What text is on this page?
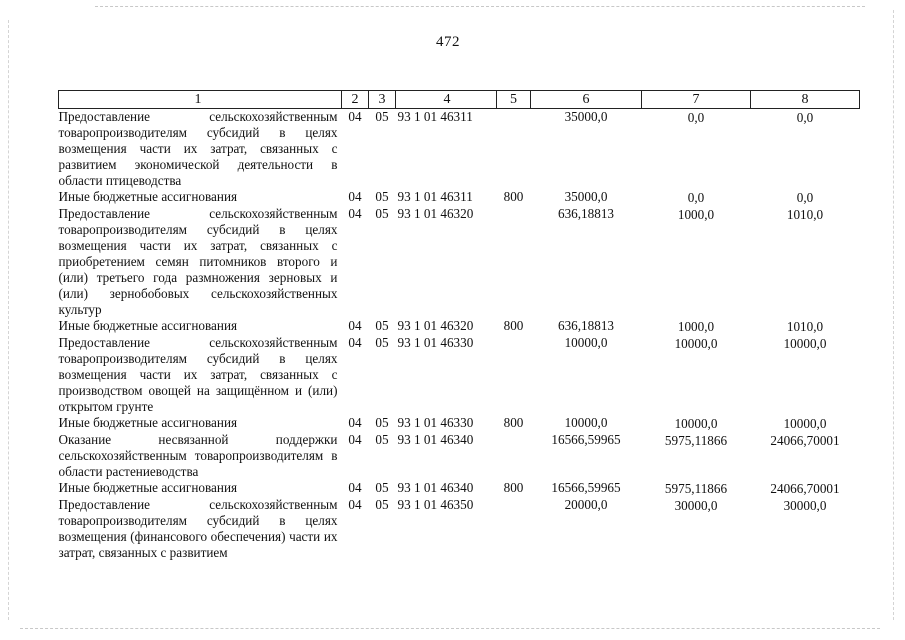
472
1	2	3	4	5	6	7	8
Предоставление сельскохозяйственным товаропроизводителям субсидий в целях возмещения части их затрат, связанных с развитием экономической деятельности в области птицеводства	04	05	93 1 01 46311		35000,0	0,0	0,0
Иные бюджетные ассигнования	04	05	93 1 01 46311	800	35000,0	0,0	0,0
Предоставление сельскохозяйственным товаропроизводителям субсидий в целях возмещения части их затрат, связанных с приобретением семян питомников второго и (или) третьего года размножения зерновых и (или) зернобобовых сельскохозяйственных культур	04	05	93 1 01 46320		636,18813	1000,0	1010,0
Иные бюджетные ассигнования	04	05	93 1 01 46320	800	636,18813	1000,0	1010,0
Предоставление сельскохозяйственным товаропроизводителям субсидий в целях возмещения части их затрат, связанных с производством овощей на защищённом и (или) открытом грунте	04	05	93 1 01 46330		10000,0	10000,0	10000,0
Иные бюджетные ассигнования	04	05	93 1 01 46330	800	10000,0	10000,0	10000,0
Оказание несвязанной поддержки сельскохозяйственным товаропроизводителям в области растениеводства	04	05	93 1 01 46340		16566,59965	5975,11866	24066,70001
Иные бюджетные ассигнования	04	05	93 1 01 46340	800	16566,59965	5975,11866	24066,70001
Предоставление сельскохозяйственным товаропроизводителям субсидий в целях возмещения (финансового обеспечения) части их затрат, связанных с развитием	04	05	93 1 01 46350		20000,0	30000,0	30000,0
